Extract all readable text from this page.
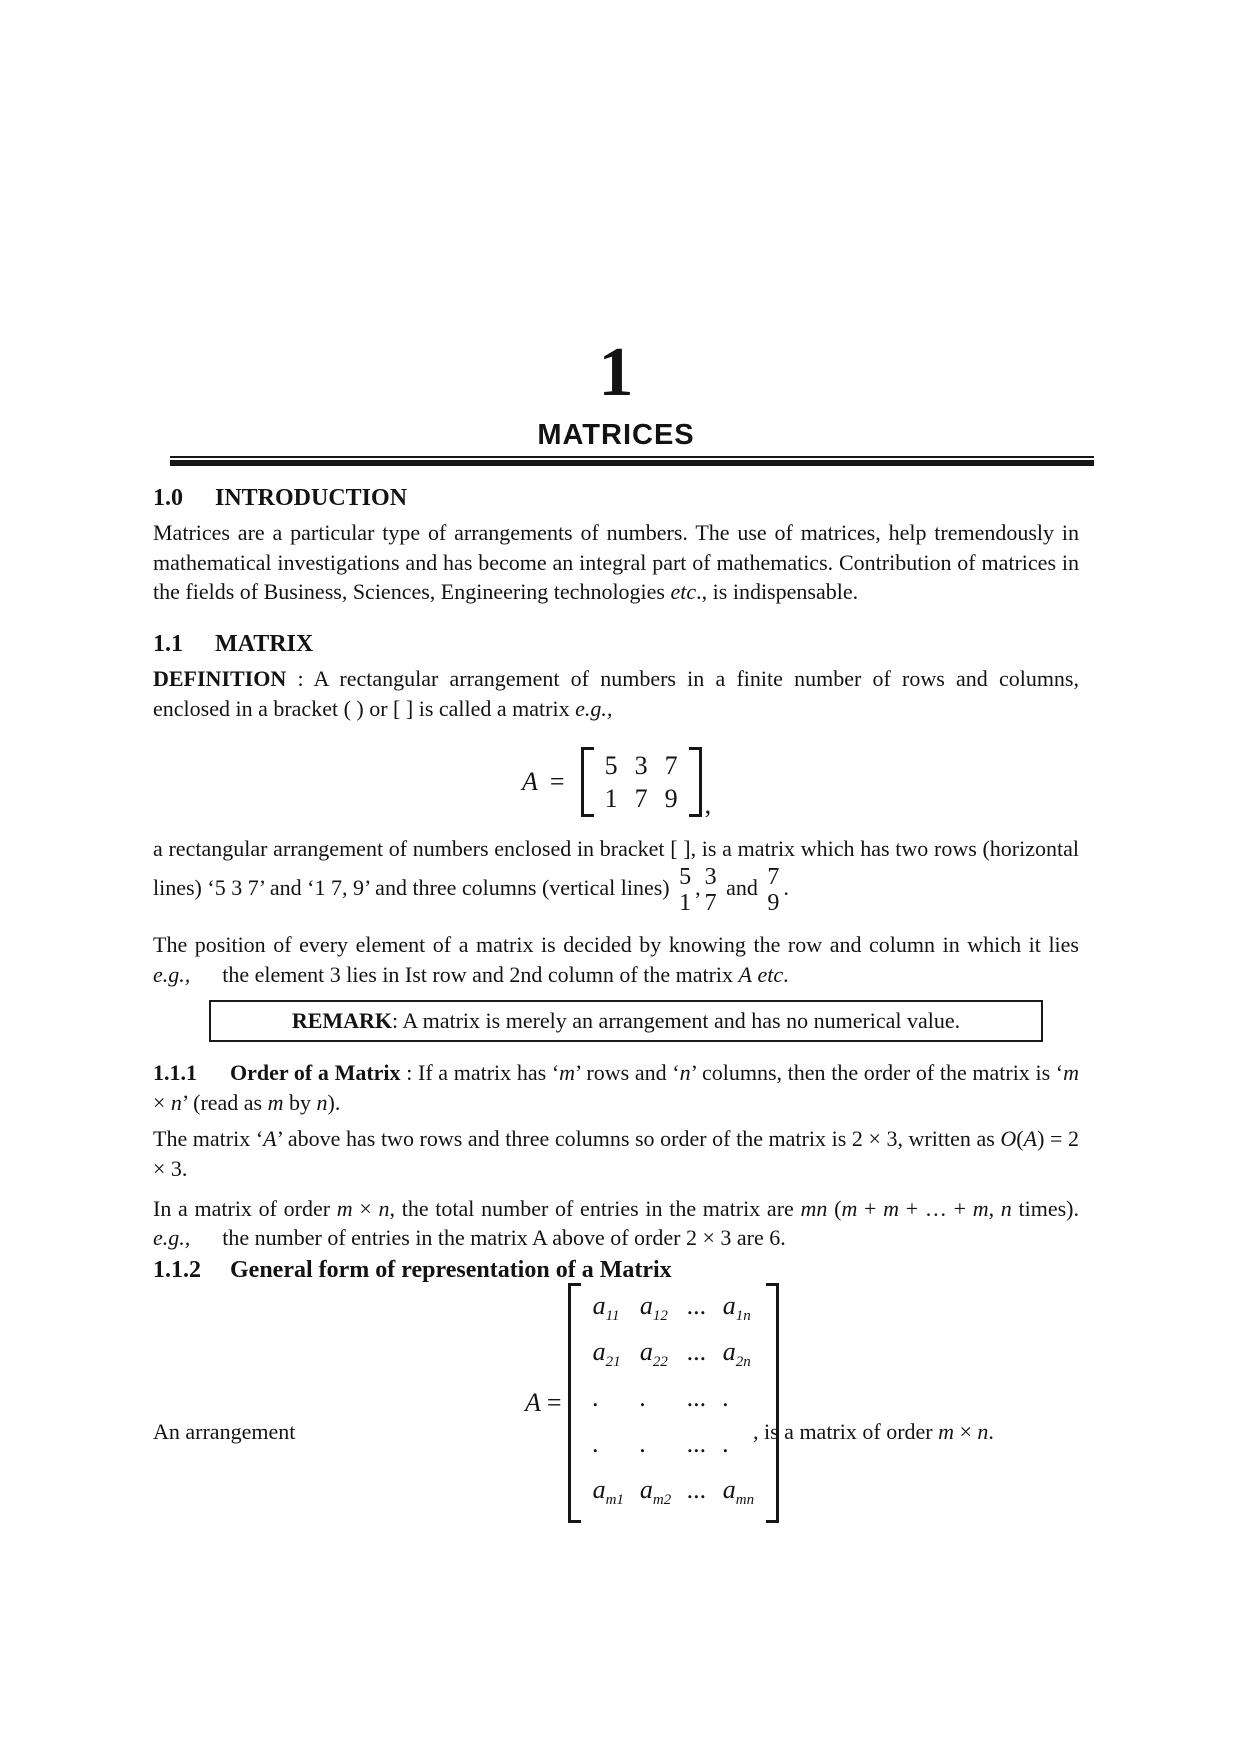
1
MATRICES
1.0 INTRODUCTION
Matrices are a particular type of arrangements of numbers. The use of matrices, help tremendously in mathematical investigations and has become an integral part of mathematics. Contribution of matrices in the fields of Business, Sciences, Engineering technologies etc., is indispensable.
1.1 MATRIX
DEFINITION : A rectangular arrangement of numbers in a finite number of rows and columns, enclosed in a bracket ( ) or [ ] is called a matrix e.g.,
A =
5 3 7
1 7 9 ,
a rectangular arrangement of numbers enclosed in bracket [ ], is a matrix which has two rows (horizontal lines) ‘5 3 7’ and ‘1 7, 9’ and three columns (vertical lines) 5
1
, 3
7
and 7
9
.
The position of every element of a matrix is decided by knowing the row and column in which it lies
e.g., the element 3 lies in Ist row and 2nd column of the matrix A etc.
REMARK: A matrix is merely an arrangement and has no numerical value.
1.1.1 Order of a Matrix : If a matrix has ‘m’ rows and ‘n’ columns, then the order of the matrix is ‘m × n’ (read as m by n).
The matrix ‘A’ above has two rows and three columns so order of the matrix is 2 × 3, written as O(A) = 2 × 3.
In a matrix of order m × n, the total number of entries in the matrix are mn (m + m + … + m, n times).
e.g., the number of entries in the matrix A above of order 2 × 3 are 6.
1.1.2 General form of representation of a Matrix
An arrangement
A =
$a_{11}$ $a_{12}$ ... $a_{1n}$
$a_{21}$ $a_{22}$ ... $a_{2n}$
.	.	... .
.	.	... .
$a_{m1}$ $a_{m2}$ ... $a_{mn}$
, is a matrix of order m × n.
